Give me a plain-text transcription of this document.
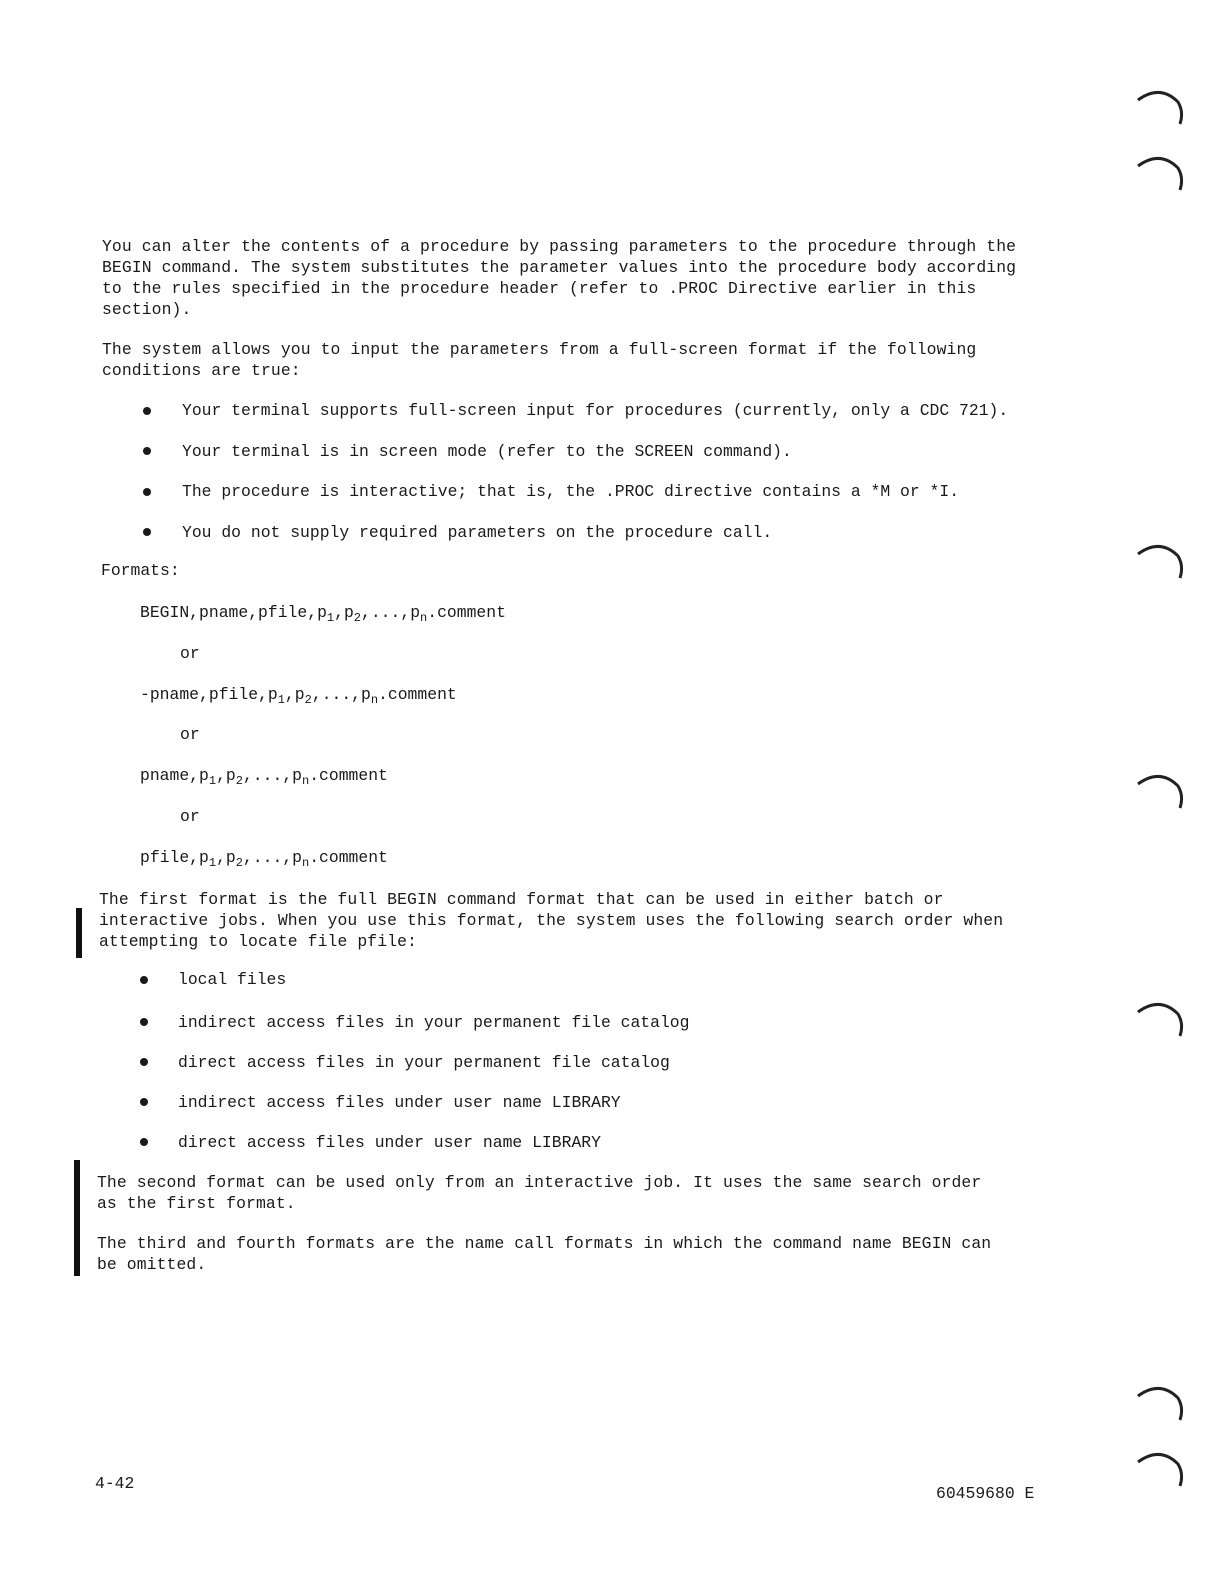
You can alter the contents of a procedure by passing parameters to the procedure through the
BEGIN command. The system substitutes the parameter values into the procedure body according
to the rules specified in the procedure header (refer to .PROC Directive earlier in this
section).
The system allows you to input the parameters from a full-screen format if the following
conditions are true:
Your terminal supports full-screen input for procedures (currently, only a CDC 721).
Your terminal is in screen mode (refer to the SCREEN command).
The procedure is interactive; that is, the .PROC directive contains a *M or *I.
You do not supply required parameters on the procedure call.
Formats:
$BEGIN,pname,pfile,p_1,p_2,...,p_n.comment$
or
$-pname,pfile,p_1,p_2,...,p_n.comment$
or
$pname,p_1,p_2,...,p_n.comment$
or
$pfile,p_1,p_2,...,p_n.comment$
The first format is the full BEGIN command format that can be used in either batch or
interactive jobs. When you use this format, the system uses the following search order when
attempting to locate file pfile:
local files
indirect access files in your permanent file catalog
direct access files in your permanent file catalog
indirect access files under user name LIBRARY
direct access files under user name LIBRARY
The second format can be used only from an interactive job. It uses the same search order
as the first format.
The third and fourth formats are the name call formats in which the command name BEGIN can
be omitted.
4-42
60459680 E
